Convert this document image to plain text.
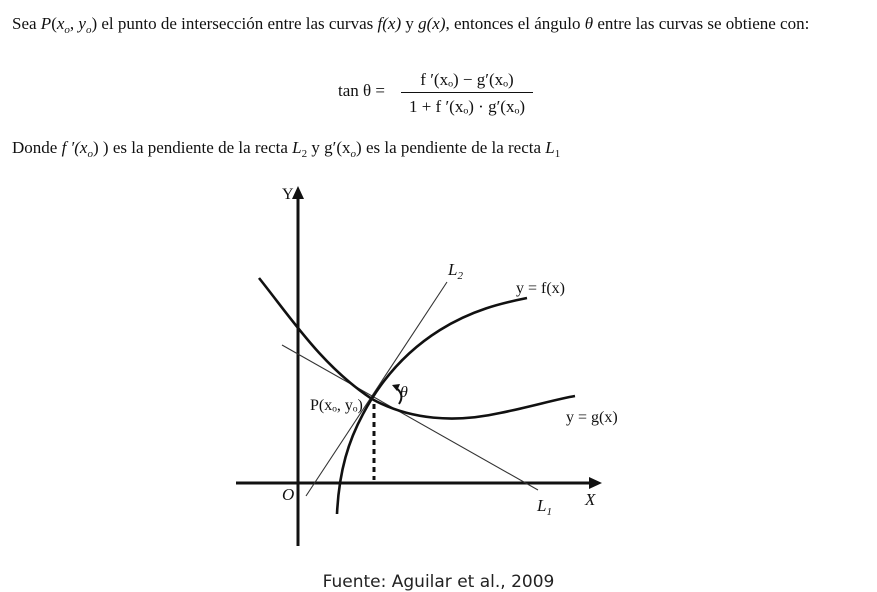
Sea $P(x_o$, $y_o$) el punto de intersección entre las curvas f(x) y g(x), entonces el ángulo θ entre las curvas se obtiene con:
tan θ =
f ′(xₒ) − g′(xₒ)
1 + f ′(xₒ) · g′(xₒ)
Donde f $'(x_o)$ ) es la pendiente de la recta $L_2$ y $g'(x_o)$ es la pendiente de la recta $L_1$
Y
X
O
$L_2$
$L_1$
y = f(x)
y = g(x)
θ
P(xₒ, yₒ)
Fuente: Aguilar et al., 2009
